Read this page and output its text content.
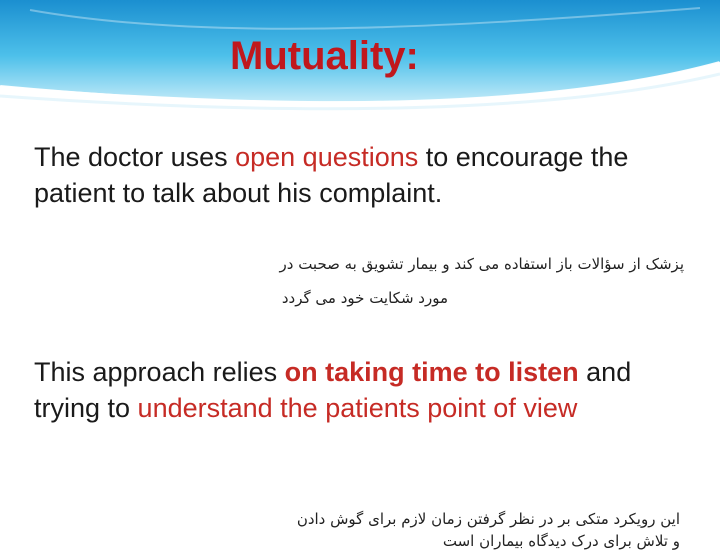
Mutuality:
The doctor uses open questions to encourage the patient to talk about his complaint.
پزشک از سؤالات باز استفاده می کند و بیمار تشویق به صحبت در
مورد شکایت خود می گردد
This approach relies on taking time to listen and trying to understand the patients point of view
این رویکرد متکی بر در نظر گرفتن زمان لازم برای گوش دادن
و تلاش برای درک دیدگاه بیماران است
